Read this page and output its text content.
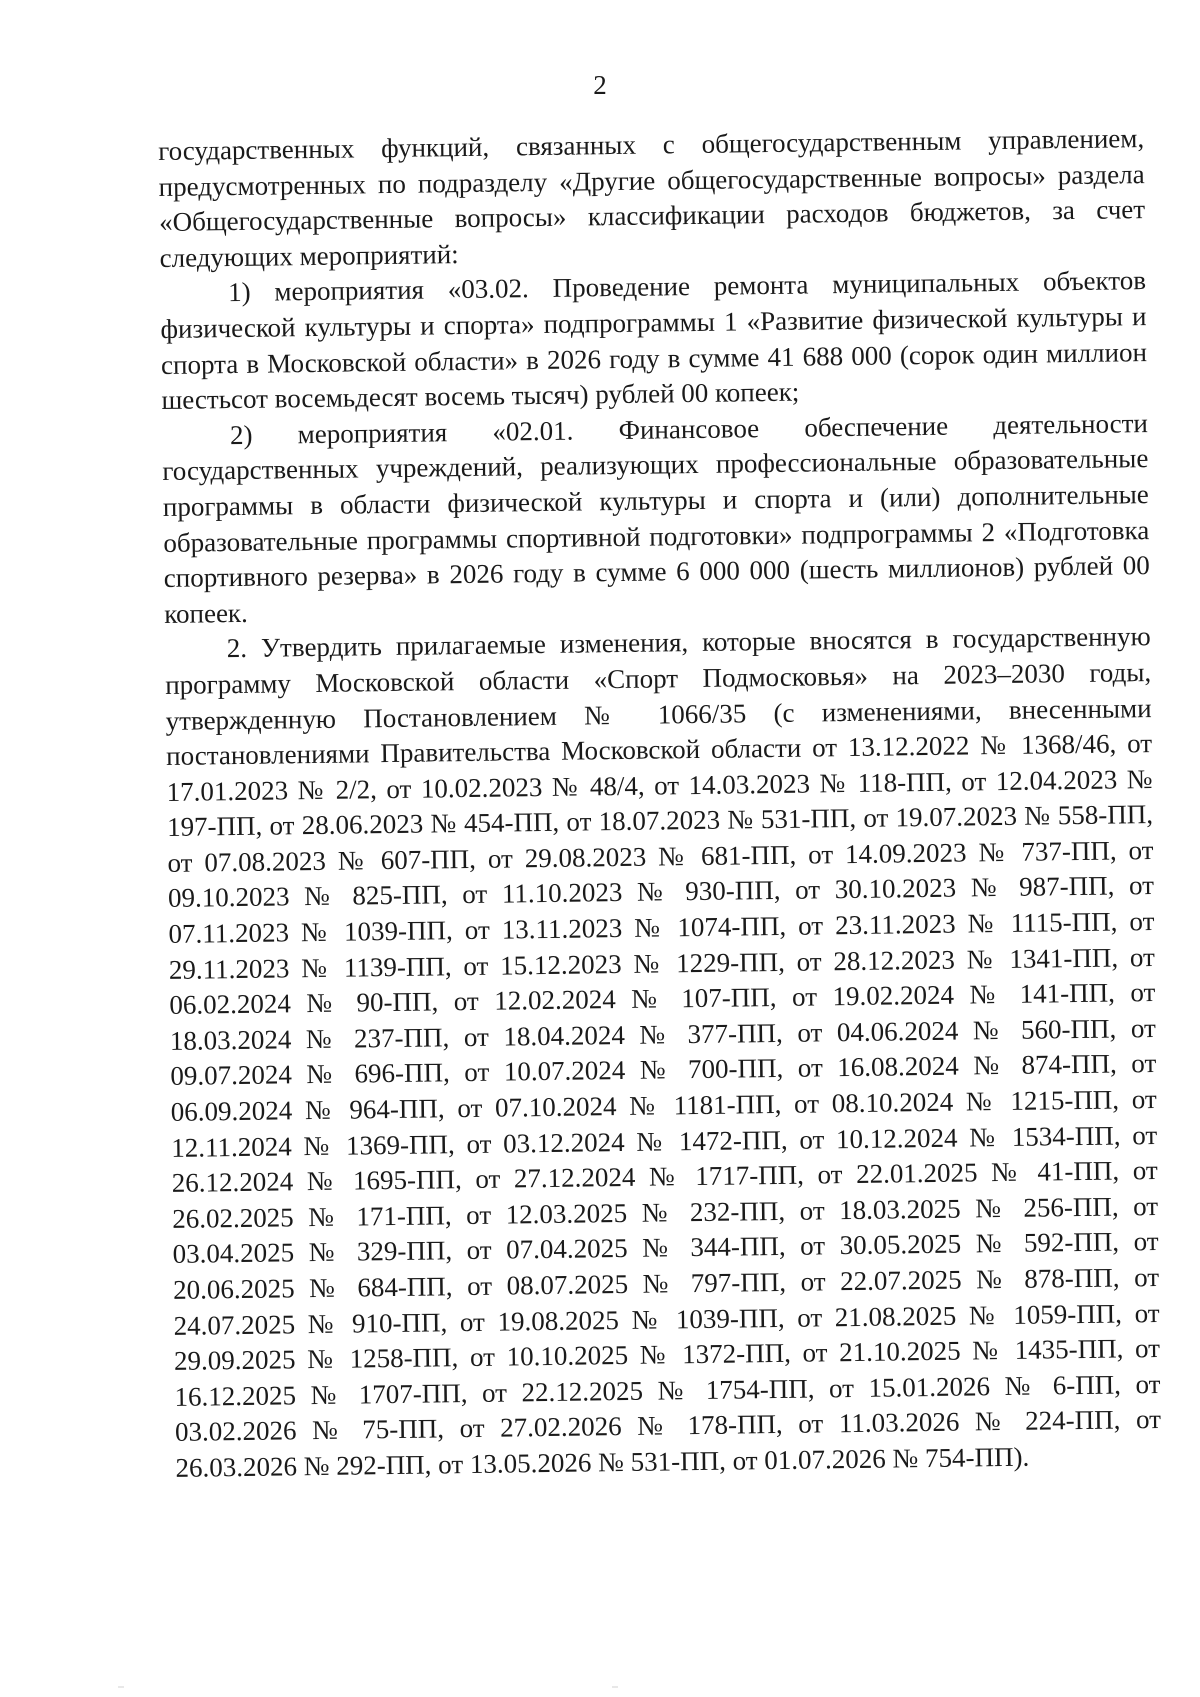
2

государственных функций, связанных с общегосударственным управлением, предусмотренных по подразделу «Другие общегосударственные вопросы» раздела «Общегосударственные вопросы» классификации расходов бюджетов, за счет следующих мероприятий:

1) мероприятия «03.02. Проведение ремонта муниципальных объектов физической культуры и спорта» подпрограммы 1 «Развитие физической культуры и спорта в Московской области» в 2026 году в сумме 41 688 000 (сорок один миллион шестьсот восемьдесят восемь тысяч) рублей 00 копеек;

2) мероприятия «02.01. Финансовое обеспечение деятельности государственных учреждений, реализующих профессиональные образовательные программы в области физической культуры и спорта и (или) дополнительные образовательные программы спортивной подготовки» подпрограммы 2 «Подготовка спортивного резерва» в 2026 году в сумме 6 000 000 (шесть миллионов) рублей 00 копеек.

2. Утвердить прилагаемые изменения, которые вносятся в государственную программу Московской области «Спорт Подмосковья» на 2023–2030 годы, утвержденную Постановлением № 1066/35 (с изменениями, внесенными постановлениями Правительства Московской области от 13.12.2022 № 1368/46, от 17.01.2023 № 2/2, от 10.02.2023 № 48/4, от 14.03.2023 № 118-ПП, от 12.04.2023 № 197-ПП, от 28.06.2023 № 454-ПП, от 18.07.2023 № 531-ПП, от 19.07.2023 № 558-ПП, от 07.08.2023 № 607-ПП, от 29.08.2023 № 681-ПП, от 14.09.2023 № 737-ПП, от 09.10.2023 № 825-ПП, от 11.10.2023 № 930-ПП, от 30.10.2023 № 987-ПП, от 07.11.2023 № 1039-ПП, от 13.11.2023 № 1074-ПП, от 23.11.2023 № 1115-ПП, от 29.11.2023 № 1139-ПП, от 15.12.2023 № 1229-ПП, от 28.12.2023 № 1341-ПП, от 06.02.2024 № 90-ПП, от 12.02.2024 № 107-ПП, от 19.02.2024 № 141-ПП, от 18.03.2024 № 237-ПП, от 18.04.2024 № 377-ПП, от 04.06.2024 № 560-ПП, от 09.07.2024 № 696-ПП, от 10.07.2024 № 700-ПП, от 16.08.2024 № 874-ПП, от 06.09.2024 № 964-ПП, от 07.10.2024 № 1181-ПП, от 08.10.2024 № 1215-ПП, от 12.11.2024 № 1369-ПП, от 03.12.2024 № 1472-ПП, от 10.12.2024 № 1534-ПП, от 26.12.2024 № 1695-ПП, от 27.12.2024 № 1717-ПП, от 22.01.2025 № 41-ПП, от 26.02.2025 № 171-ПП, от 12.03.2025 № 232-ПП, от 18.03.2025 № 256-ПП, от 03.04.2025 № 329-ПП, от 07.04.2025 № 344-ПП, от 30.05.2025 № 592-ПП, от 20.06.2025 № 684-ПП, от 08.07.2025 № 797-ПП, от 22.07.2025 № 878-ПП, от 24.07.2025 № 910-ПП, от 19.08.2025 № 1039-ПП, от 21.08.2025 № 1059-ПП, от 29.09.2025 № 1258-ПП, от 10.10.2025 № 1372-ПП, от 21.10.2025 № 1435-ПП, от 16.12.2025 № 1707-ПП, от 22.12.2025 № 1754-ПП, от 15.01.2026 № 6-ПП, от 03.02.2026 № 75-ПП, от 27.02.2026 № 178-ПП, от 11.03.2026 № 224-ПП, от 26.03.2026 № 292-ПП, от 13.05.2026 № 531-ПП, от 01.07.2026 № 754-ПП).
